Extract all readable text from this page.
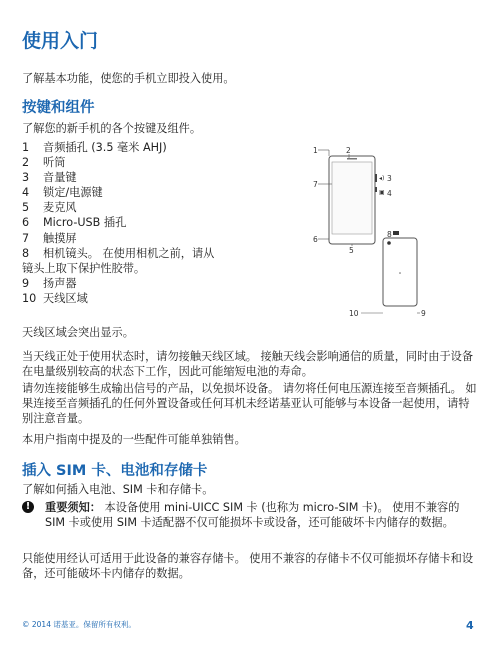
使用入门
了解基本功能，使您的手机立即投入使用。
按键和组件
了解您的新手机的各个按键及组件。
1	音频插孔 (3.5 毫米 AHJ)
2	听筒
3	音量键
4	锁定/电源键
5	麦克风
6	Micro-USB 插孔
7	触摸屏
8 相机镜头。 在使用相机之前，请从
镜头上取下保护性胶带。
9	扬声器
10 天线区域
天线区域会突出显示。
当天线正处于使用状态时，请勿接触天线区域。 接触天线会影响通信的质量，同时由于设备在电量级别较高的状态下工作，因此可能缩短电池的寿命。
请勿连接能够生成输出信号的产品，以免损坏设备。 请勿将任何电压源连接至音频插孔。 如果连接至音频插孔的任何外置设备或任何耳机未经诺基亚认可能够与本设备一起使用，请特别注意音量。
本用户指南中提及的一些配件可能单独销售。
插入 SIM 卡、电池和存储卡
了解如何插入电池、SIM 卡和存储卡。
!	重要须知： 本设备使用 mini-UICC SIM 卡 (也称为 micro-SIM 卡)。 使用不兼容的 SIM 卡或使用 SIM 卡适配器不仅可能损坏卡或设备，还可能破坏卡内储存的数据。
只能使用经认可适用于此设备的兼容存储卡。 使用不兼容的存储卡不仅可能损坏存储卡和设备，还可能破坏卡内储存的数据。
1	2
3
◂)
4
▣
7
6
5
8
10	9
© 2014 诺基亚。保留所有权利。	4
